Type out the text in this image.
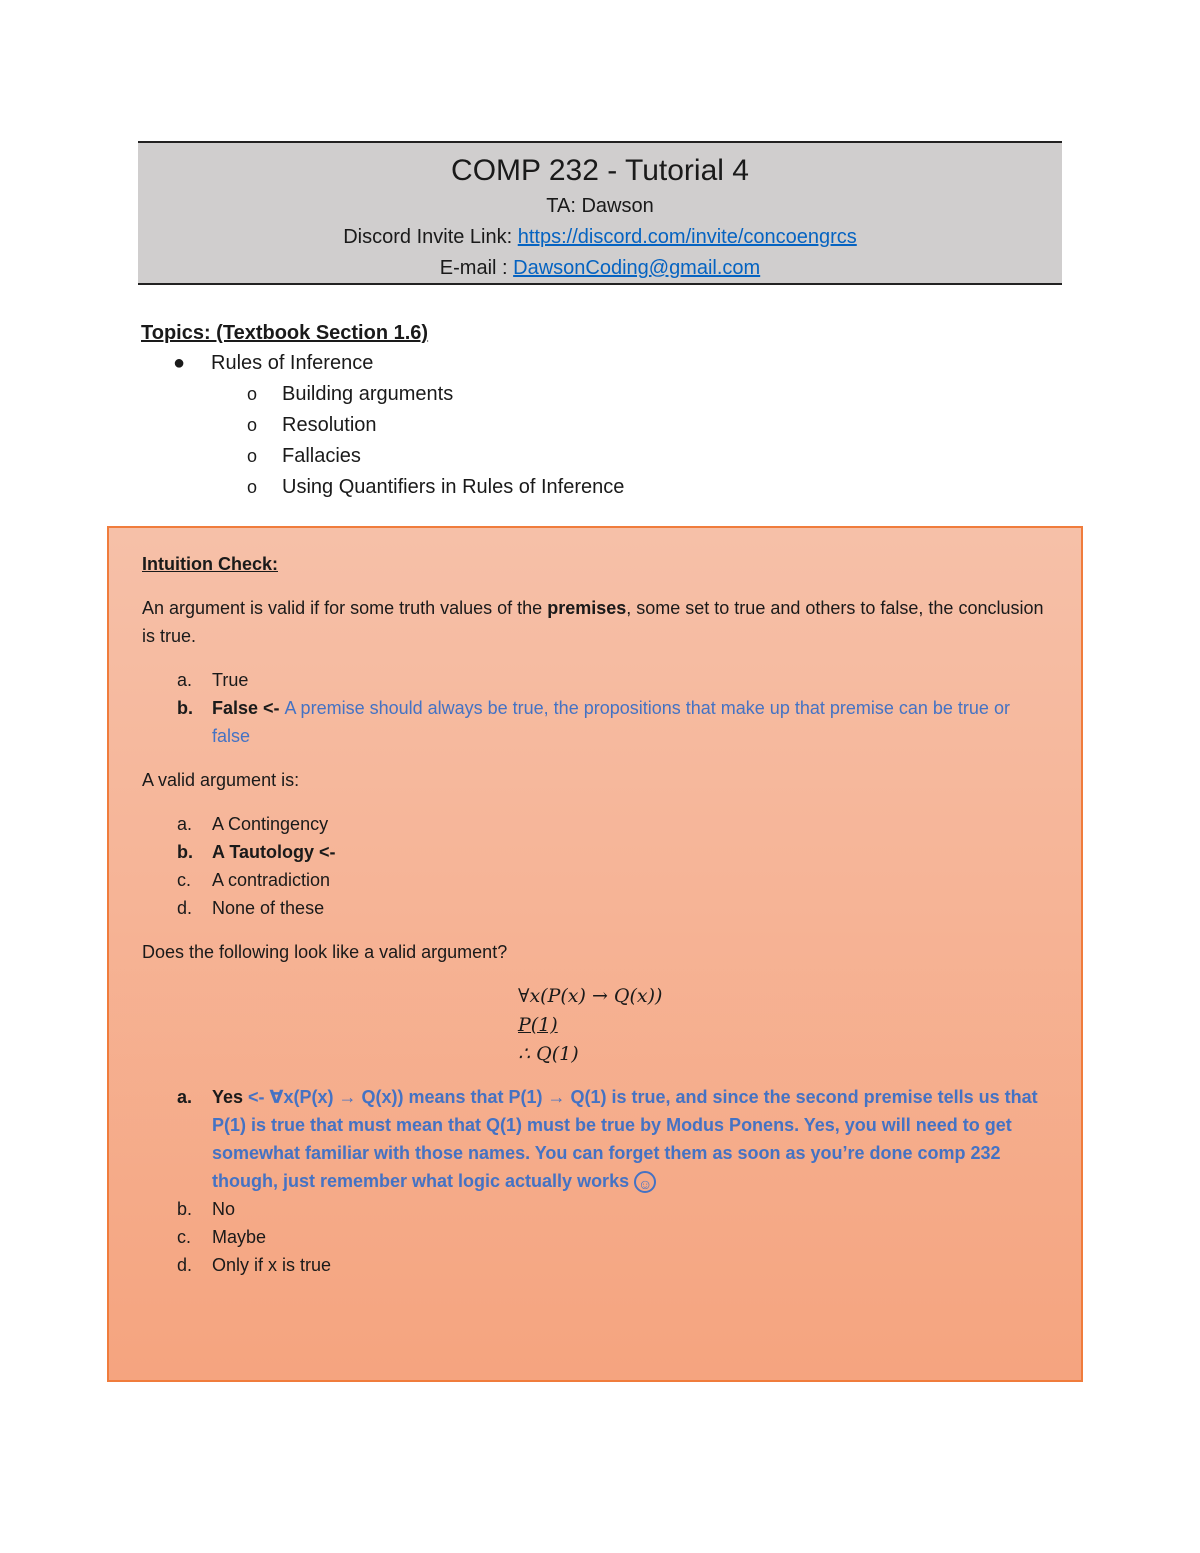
COMP 232 - Tutorial 4
TA: Dawson
Discord Invite Link: https://discord.com/invite/concoengrcs
E-mail : DawsonCoding@gmail.com
Topics: (Textbook Section 1.6)
● Rules of Inference
o Building arguments
o Resolution
o Fallacies
o Using Quantifiers in Rules of Inference

Intuition Check:

An argument is valid if for some truth values of the premises, some set to true and others to false, the conclusion is true.

a. True
b. False <- A premise should always be true, the propositions that make up that premise can be true or false

A valid argument is:

a. A Contingency
b. A Tautology <-
c. A contradiction
d. None of these

Does the following look like a valid argument?

∀x(P(x) → Q(x))
P(1)
∴ Q(1)
a. Yes <- ∀x(P(x) → Q(x)) means that P(1) → Q(1) is true, and since the second premise tells us that P(1) is true that must mean that Q(1) must be true by Modus Ponens. Yes, you will need to get somewhat familiar with those names. You can forget them as soon as you’re done comp 232 though, just remember what logic actually works ☺
b. No
c. Maybe
d. Only if x is true
